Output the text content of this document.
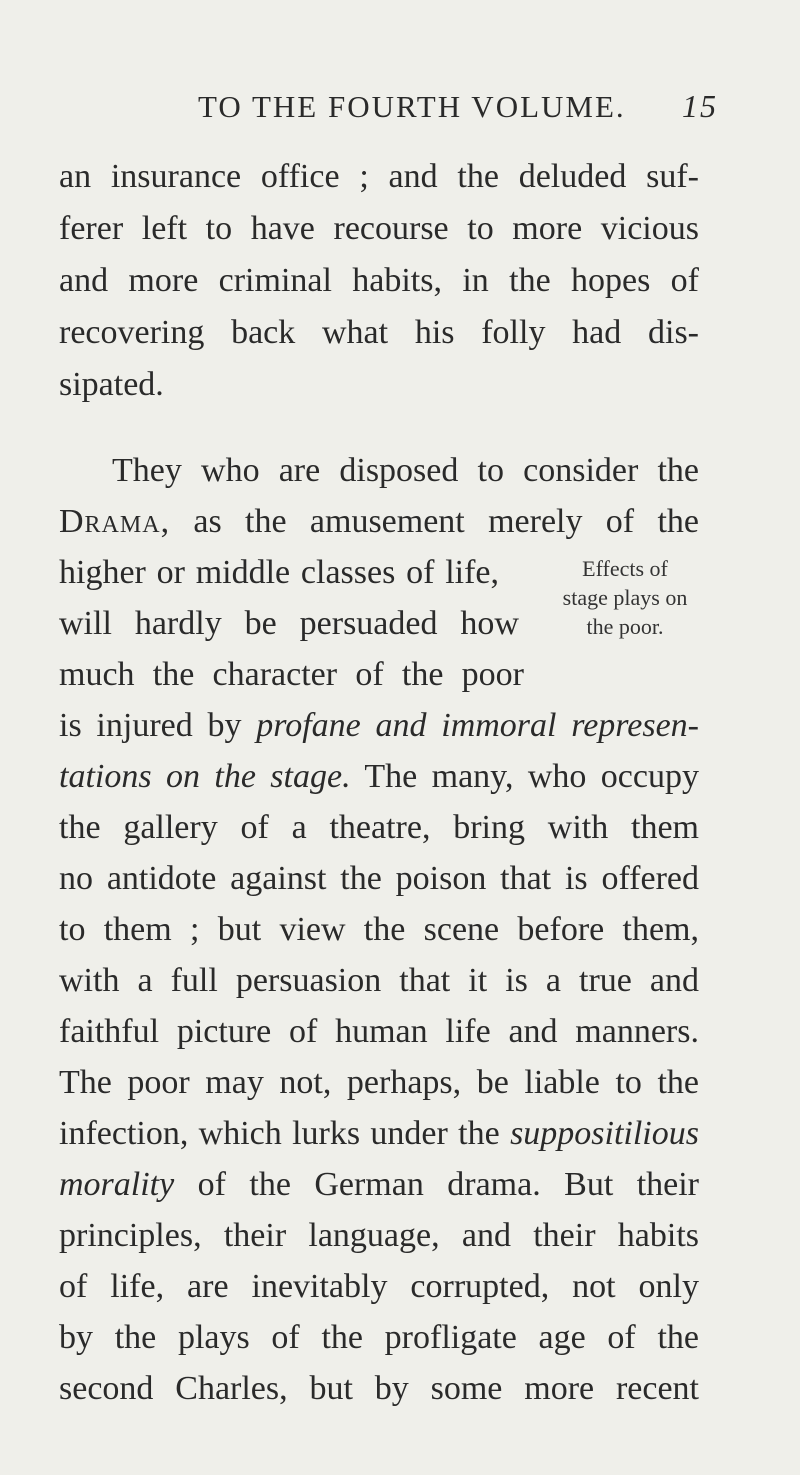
TO THE FOURTH VOLUME. 15
an insurance office ; and the deluded suf-
ferer left to have recourse to more vicious
and more criminal habits, in the hopes of
recovering back what his folly had dis-
sipated.
They who are disposed to consider the
Drama, as the amusement merely of the
higher or middle classes of life,
will hardly be persuaded how
much the character of the poor
is injured by profane and immoral represen-
tations on the stage. The many, who occupy
the gallery of a theatre, bring with them
no antidote against the poison that is offered
to them ; but view the scene before them,
with a full persuasion that it is a true and
faithful picture of human life and manners.
The poor may not, perhaps, be liable to the
infection, which lurks under the suppositilious
morality of the German drama. But their
principles, their language, and their habits
of life, are inevitably corrupted, not only
by the plays of the profligate age of the
second Charles, but by some more recent
Effects of
stage plays on
the poor.
